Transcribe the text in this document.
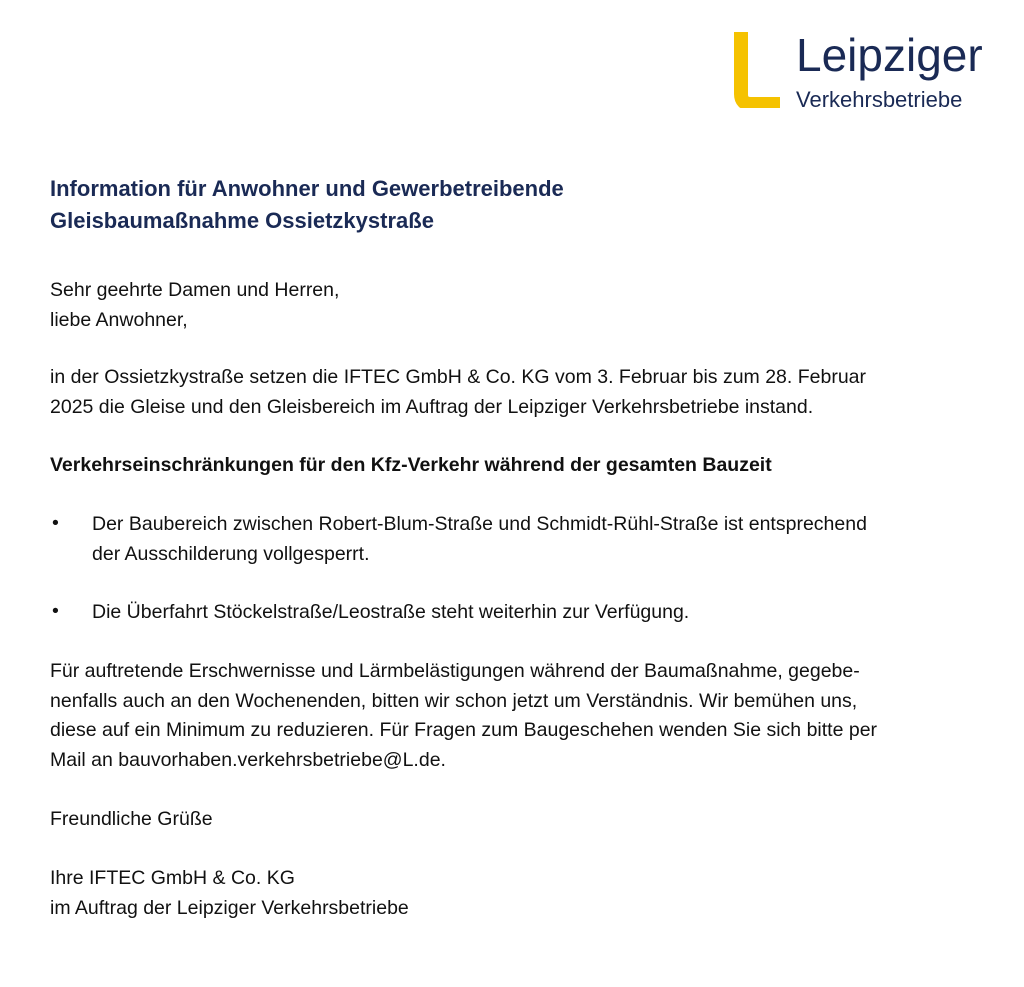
Leipziger
Verkehrsbetriebe
Information für Anwohner und Gewerbetreibende
Gleisbaumaßnahme Ossietzkystraße
Sehr geehrte Damen und Herren,
liebe Anwohner,
in der Ossietzkystraße setzen die IFTEC GmbH & Co. KG vom 3. Februar bis zum 28. Februar
2025 die Gleise und den Gleisbereich im Auftrag der Leipziger Verkehrsbetriebe instand.
Verkehrseinschränkungen für den Kfz-Verkehr während der gesamten Bauzeit
• Der Baubereich zwischen Robert-Blum-Straße und Schmidt-Rühl-Straße ist entsprechend
der Ausschilderung vollgesperrt.
• Die Überfahrt Stöckelstraße/Leostraße steht weiterhin zur Verfügung.
Für auftretende Erschwernisse und Lärmbelästigungen während der Baumaßnahme, gegebe-
nenfalls auch an den Wochenenden, bitten wir schon jetzt um Verständnis. Wir bemühen uns,
diese auf ein Minimum zu reduzieren. Für Fragen zum Baugeschehen wenden Sie sich bitte per
Mail an bauvorhaben.verkehrsbetriebe@L.de.
Freundliche Grüße
Ihre IFTEC GmbH & Co. KG
im Auftrag der Leipziger Verkehrsbetriebe
